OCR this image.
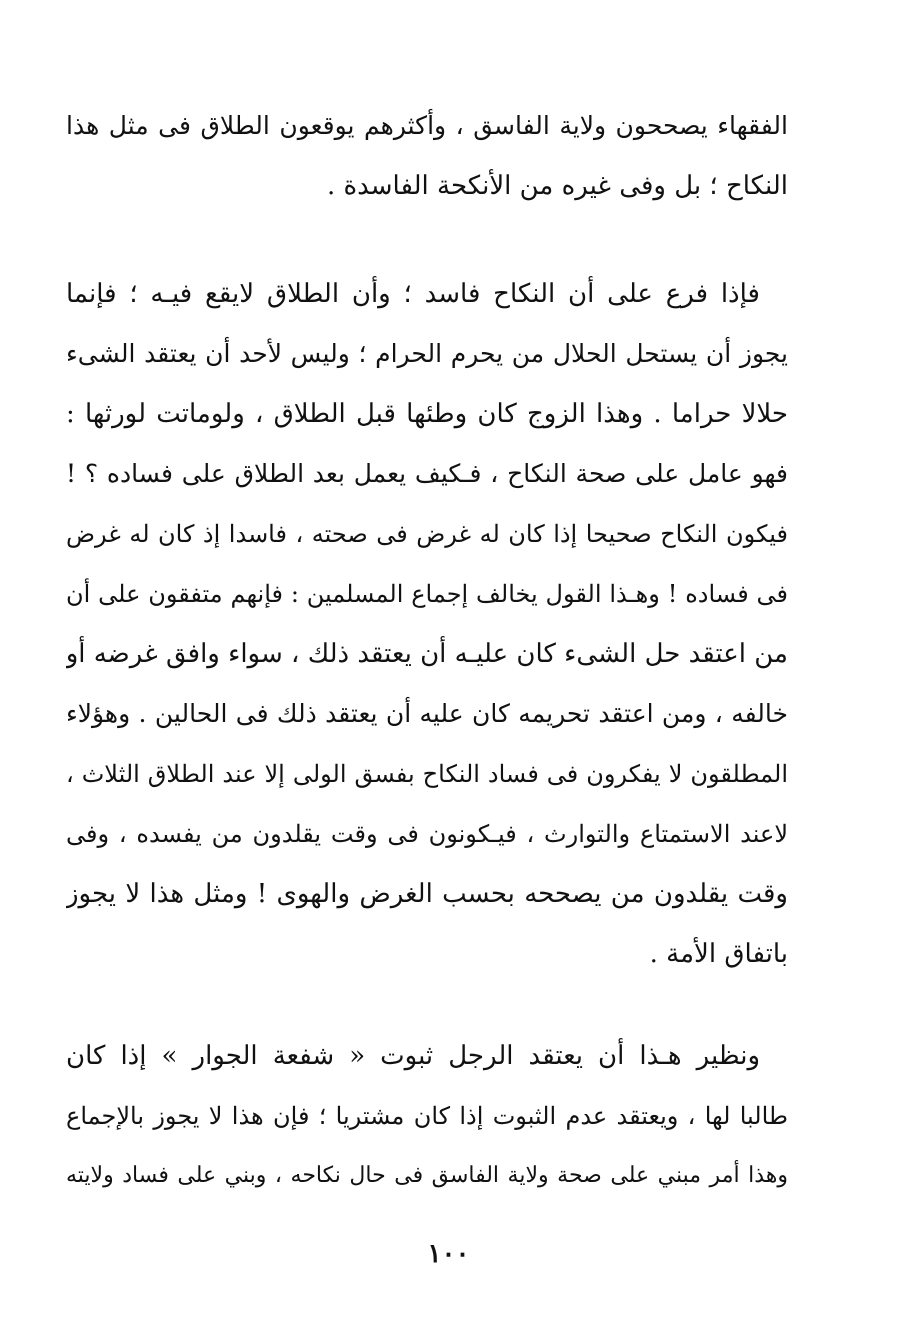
الفقهاء يصححون ولاية الفاسق ، وأكثرهم يوقعون الطلاق فى مثل هذا
النكاح ؛ بل وفى غيره من الأنكحة الفاسدة .
فإذا فرع على أن النكاح فاسد ؛ وأن الطلاق لايقع فيـه ؛ فإنما
يجوز أن يستحل الحلال من يحرم الحرام ؛ وليس لأحد أن يعتقد الشىء
حلالا حراما . وهذا الزوج كان وطئها قبل الطلاق ، ولوماتت لورثها :
فهو عامل على صحة النكاح ، فـكيف يعمل بعد الطلاق على فساده ؟ !
فيكون النكاح صحيحا إذا كان له غرض فى صحته ، فاسدا إذ كان له غرض
فى فساده ! وهـذا القول يخالف إجماع المسلمين : فإنهم متفقون على أن
من اعتقد حل الشىء كان عليـه أن يعتقد ذلك ، سواء وافق غرضه أو
خالفه ، ومن اعتقد تحريمه كان عليه أن يعتقد ذلك فى الحالين . وهؤلاء
المطلقون لا يفكرون فى فساد النكاح بفسق الولى إلا عند الطلاق الثلاث ،
لاعند الاستمتاع والتوارث ، فيـكونون فى وقت يقلدون من يفسده ، وفى
وقت يقلدون من يصححه بحسب الغرض والهوى ! ومثل هذا لا يجوز
باتفاق الأمة .
ونظير هـذا أن يعتقد الرجل ثبوت « شفعة الجوار » إذا كان
طالبا لها ، ويعتقد عدم الثبوت إذا كان مشتريا ؛ فإن هذا لا يجوز بالإجماع
وهذا أمر مبني على صحة ولاية الفاسق فى حال نكاحه ، وبني على فساد ولايته
١٠٠
